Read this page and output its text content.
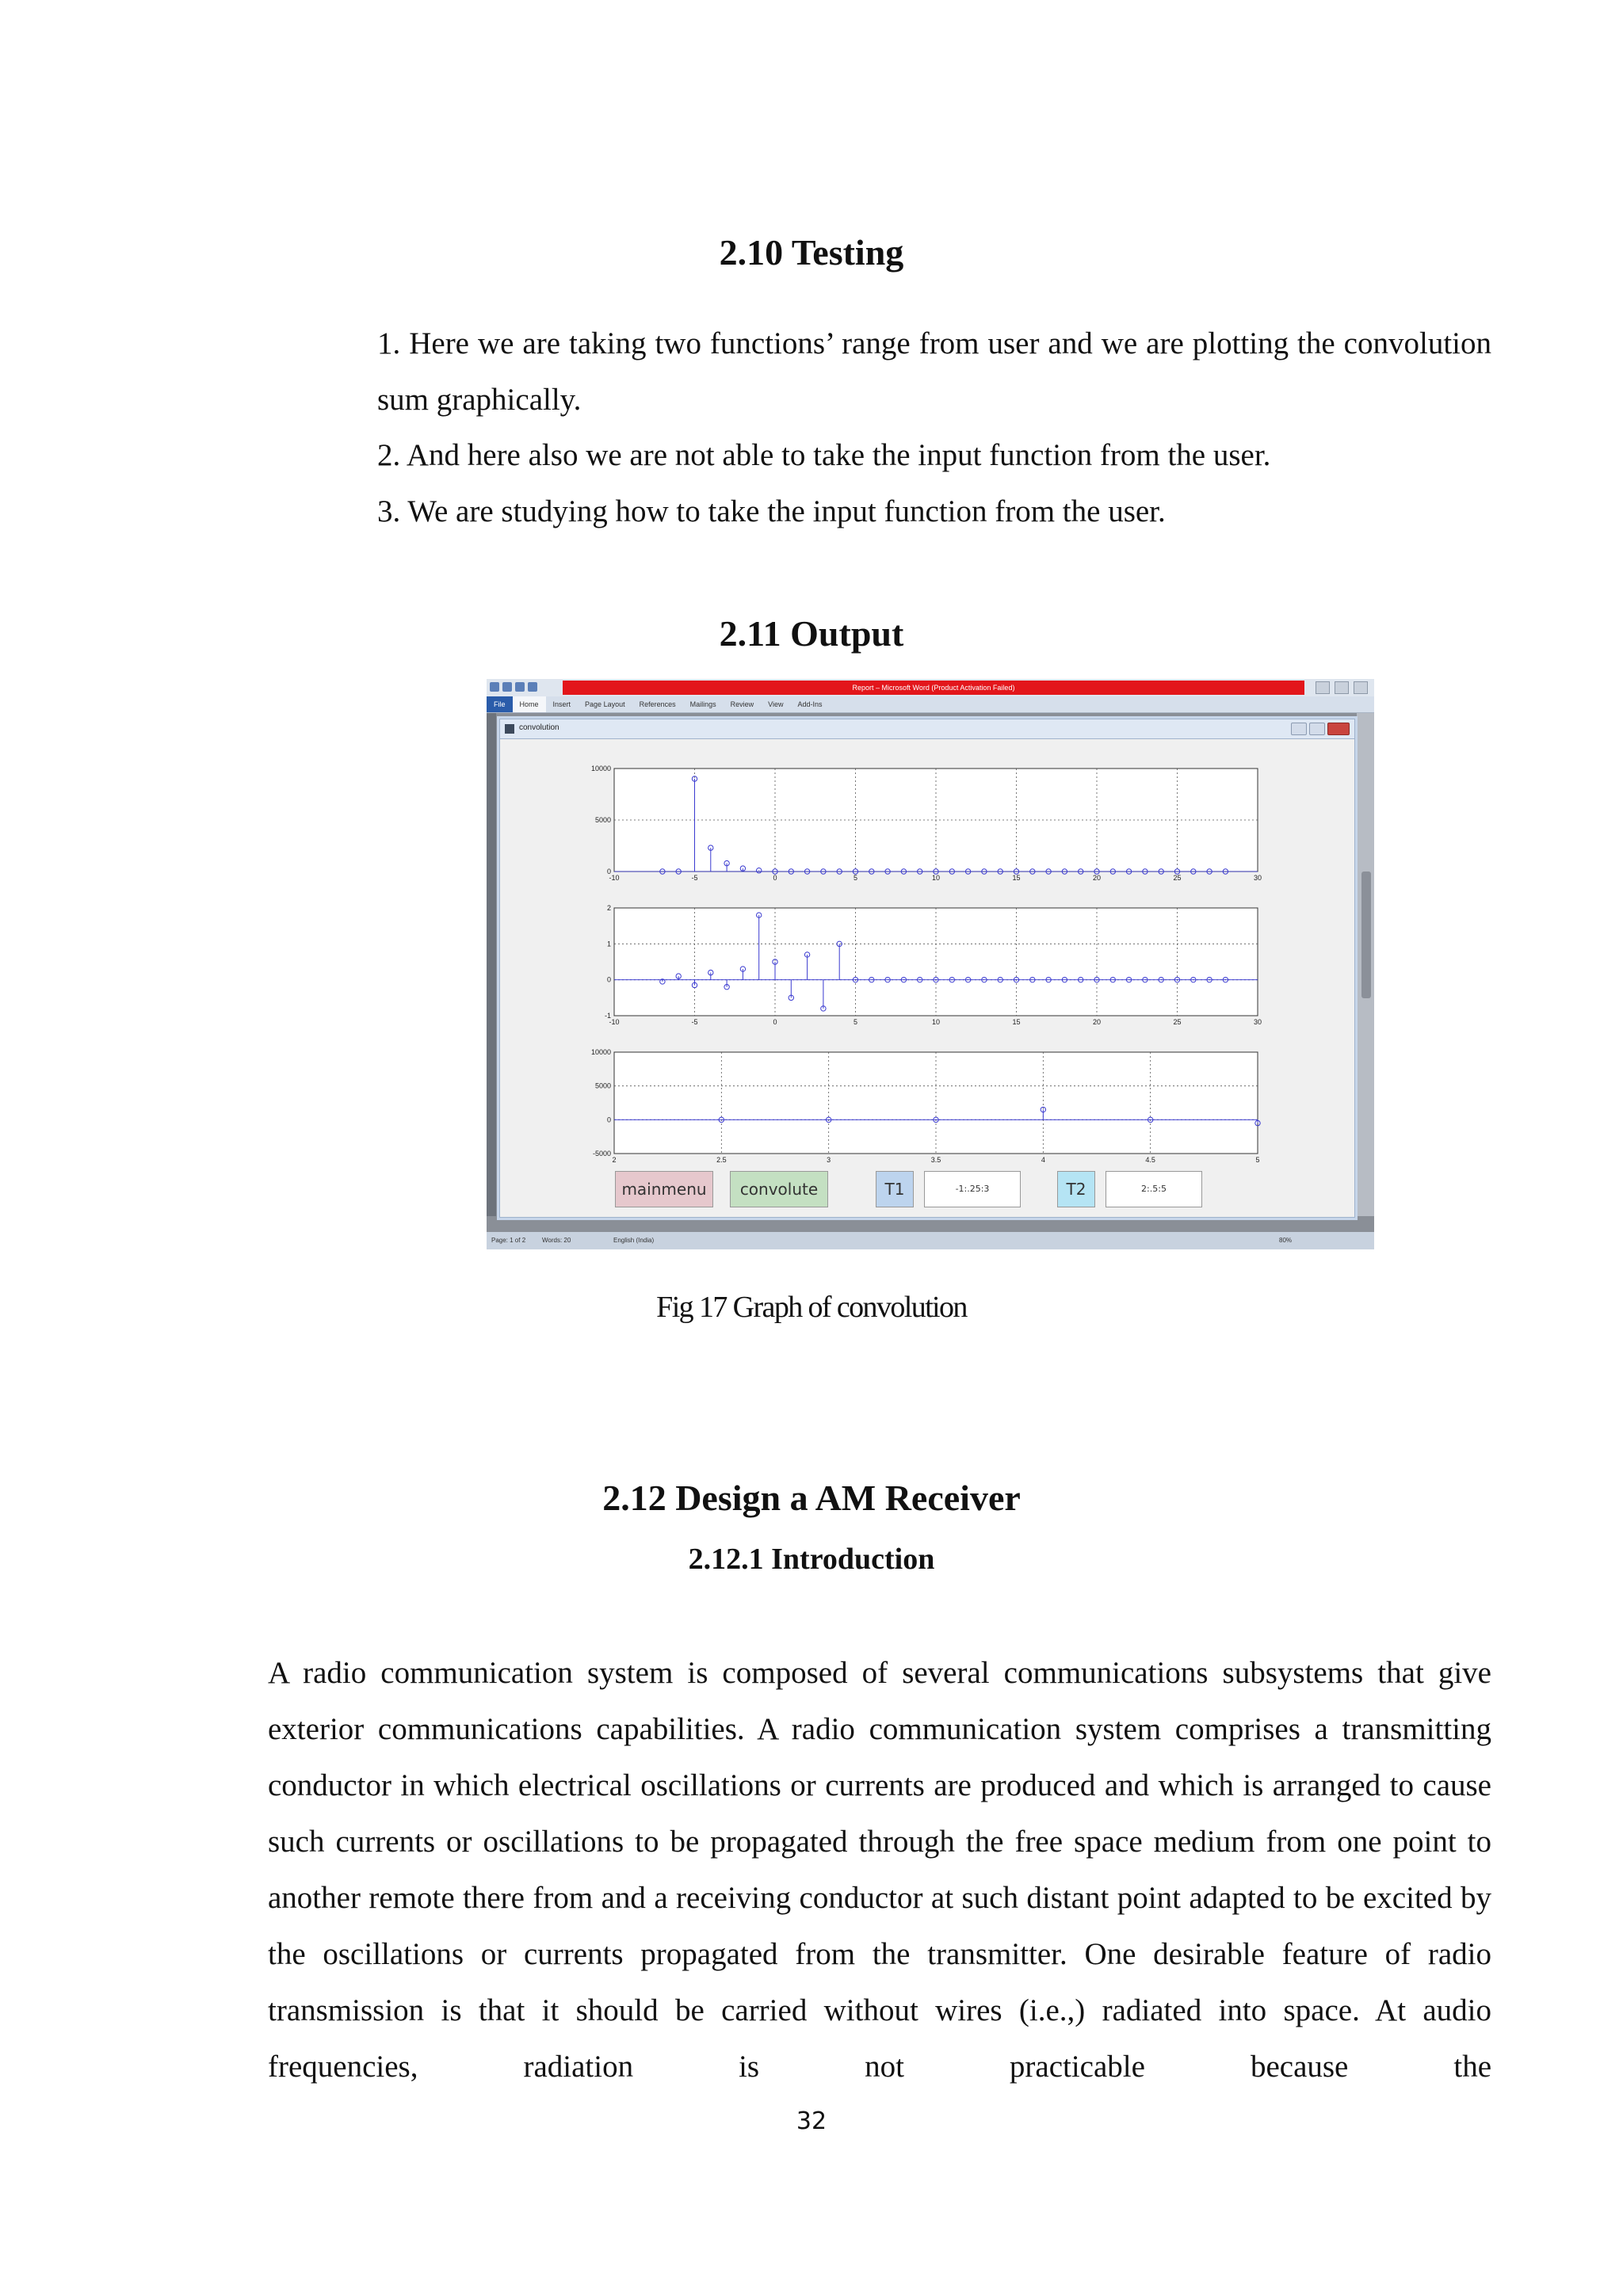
2.10 Testing
1. Here we are taking two functions’ range from user and we are plotting the convolution sum graphically.
2. And here also we are not able to take the input function from the user.
3. We are studying how to take the input function from the user.
2.11 Output
Report – Microsoft Word (Product Activation Failed)
File	Home	Insert	Page Layout	References	Mailings	Review	View	Add-Ins
convolution
-10	-5	0	5	10	15	20	25	30
10000
5000
0
-10	-5	0	5	10	15	20	25	30
2
1
0
-1
2	2.5	3	3.5	4	4.5	5
10000
5000
0
-5000
mainmenu	convolute	T1	-1:.25:3	T2	2:.5:5
Page: 1 of 2	Words: 20	English (India)	80%
Fig 17 Graph of convolution
2.12 Design a AM Receiver
2.12.1 Introduction
A radio communication system is composed of several communications subsystems that give exterior communications capabilities. A radio communication system comprises a transmitting conductor in which electrical oscillations or currents are produced and which is arranged to cause such currents or oscillations to be propagated through the free space medium from one point to another remote there from and a receiving conductor at such distant point adapted to be excited by the oscillations or currents propagated from the transmitter. One desirable feature of radio transmission is that it should be carried without wires (i.e.,) radiated into space. At audio frequencies, radiation is not practicable because the
32
